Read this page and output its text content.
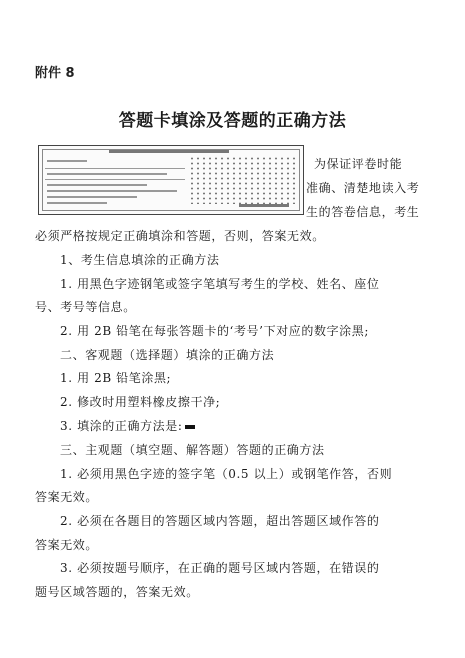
附件 8
答题卡填涂及答题的正确方法
为保证评卷时能
准确、清楚地读入考
生的答卷信息，考生
必须严格按规定正确填涂和答题，否则，答案无效。
1、考生信息填涂的正确方法
1. 用黑色字迹钢笔或签字笔填写考生的学校、姓名、座位
号、考号等信息。
2. 用 2B 铅笔在每张答题卡的‘考号’下对应的数字涂黑;
二、客观题（选择题）填涂的正确方法
1. 用 2B 铅笔涂黑;
2. 修改时用塑料橡皮擦干净;
3. 填涂的正确方法是:
三、主观题（填空题、解答题）答题的正确方法
1. 必须用黑色字迹的签字笔（0.5 以上）或钢笔作答，否则
答案无效。
2. 必须在各题目的答题区域内答题，超出答题区域作答的
答案无效。
3. 必须按题号顺序，在正确的题号区域内答题，在错误的
题号区域答题的，答案无效。
